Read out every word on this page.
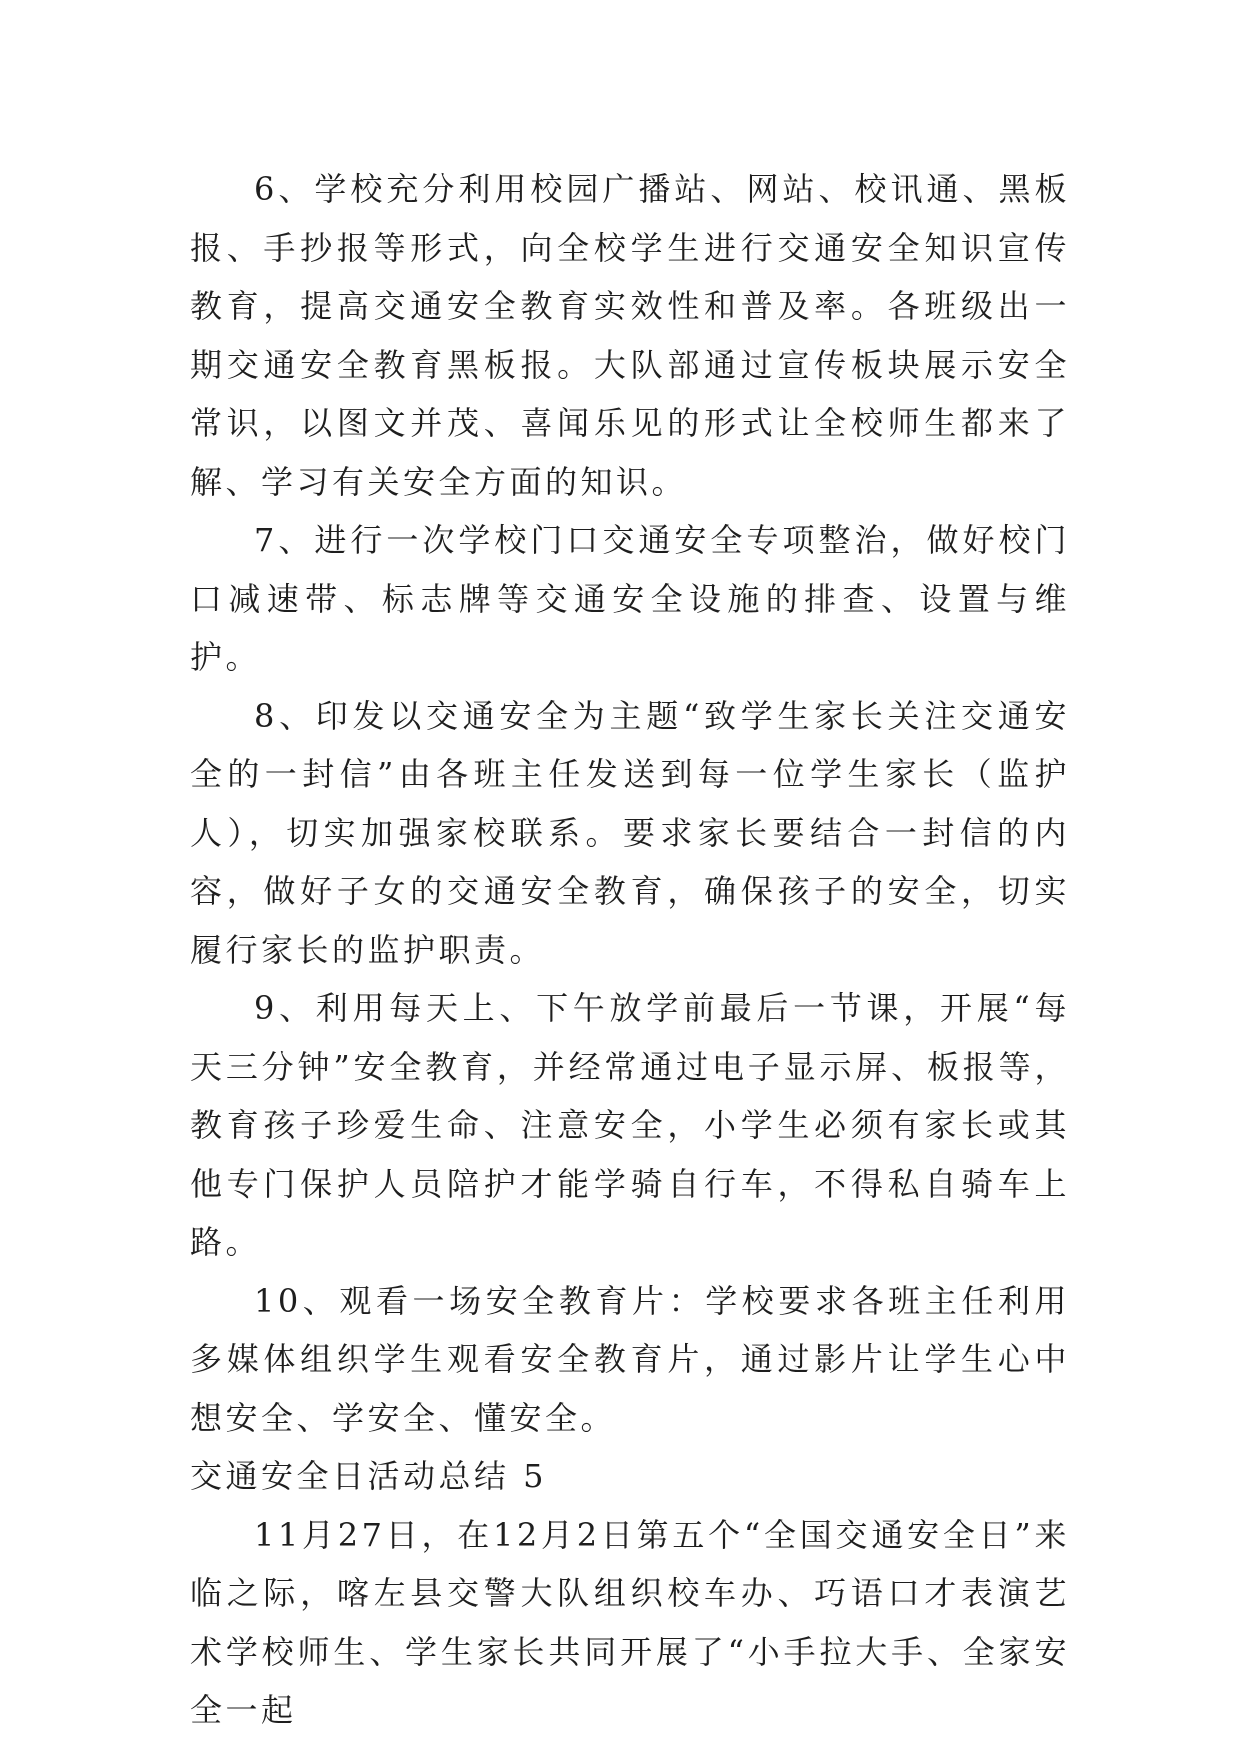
6、学校充分利用校园广播站、网站、校讯通、黑板报、手抄报等形式，向全校学生进行交通安全知识宣传教育，提高交通安全教育实效性和普及率。各班级出一期交通安全教育黑板报。大队部通过宣传板块展示安全常识，以图文并茂、喜闻乐见的形式让全校师生都来了解、学习有关安全方面的知识。

7、进行一次学校门口交通安全专项整治，做好校门口减速带、标志牌等交通安全设施的排查、设置与维护。

8、印发以交通安全为主题“致学生家长关注交通安全的一封信”由各班主任发送到每一位学生家长（监护人），切实加强家校联系。要求家长要结合一封信的内容，做好子女的交通安全教育，确保孩子的安全，切实履行家长的监护职责。

9、利用每天上、下午放学前最后一节课，开展“每天三分钟”安全教育，并经常通过电子显示屏、板报等，教育孩子珍爱生命、注意安全，小学生必须有家长或其他专门保护人员陪护才能学骑自行车，不得私自骑车上路。

10、观看一场安全教育片：学校要求各班主任利用多媒体组织学生观看安全教育片，通过影片让学生心中想安全、学安全、懂安全。

交通安全日活动总结 5

11月27日，在12月2日第五个“全国交通安全日”来临之际，喀左县交警大队组织校车办、巧语口才表演艺术学校师生、学生家长共同开展了“小手拉大手、全家安全一起
